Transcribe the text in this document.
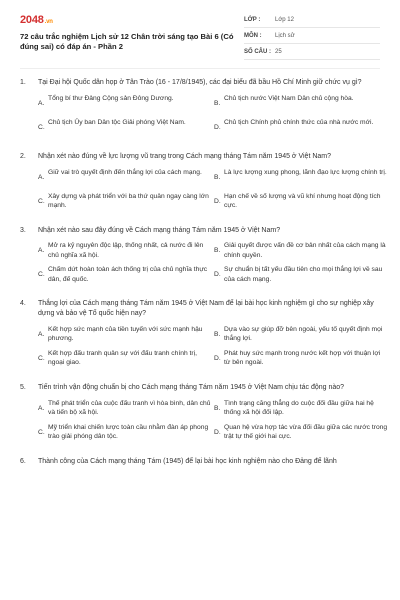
2048.vn
72 câu trắc nghiệm Lịch sử 12 Chân trời sáng tạo Bài 6 (Có đúng sai) có đáp án - Phần 2
LỚP :	Lớp 12
MÔN :	Lịch sử
SỐ CÂU : 25
1.	Tại Đại hội Quốc dân họp ở Tân Trào (16 - 17/8/1945), các đại biểu đã bầu Hồ Chí Minh giữ chức vụ gì?
A.
Tổng bí thư Đảng Cộng sản Đông Dương.
B.
Chủ tịch nước Việt Nam Dân chủ cộng hòa.
C.
Chủ tịch Ủy ban Dân tộc Giải phóng Việt Nam.
D.
Chủ tịch Chính phủ chính thức của nhà nước mới.
2.	Nhận xét nào đúng về lực lượng vũ trang trong Cách mạng tháng Tám năm 1945 ở Việt Nam?
A.
Giữ vai trò quyết định đến thắng lợi của cách mạng.
B.
Là lực lượng xung phong, lãnh đạo lực lượng chính trị.
C.
Xây dựng và phát triển với ba thứ quân ngay càng lớn mạnh.
D.
Hạn chế về số lượng và vũ khí nhưng hoạt động tích cực.
3.	Nhận xét nào sau đây đúng về Cách mạng tháng Tám năm 1945 ở Việt Nam?
A.
Mở ra kỷ nguyên độc lập, thống nhất, cả nước đi lên chủ nghĩa xã hội.
B.
Giải quyết được vấn đề cơ bản nhất của cách mạng là chính quyền.
C.
Chấm dứt hoàn toàn ách thống trị của chủ nghĩa thực dân, đế quốc.
D.
Sự chuẩn bị tất yếu đầu tiên cho mọi thắng lợi về sau của cách mạng.
4.	Thắng lợi của Cách mạng tháng Tám năm 1945 ở Việt Nam để lại bài học kinh nghiệm gì cho sự nghiệp xây dựng và bảo vệ Tổ quốc hiện nay?
A.
Kết hợp sức mạnh của tiền tuyến với sức mạnh hậu phương.
B.
Dựa vào sự giúp đỡ bên ngoài, yếu tố quyết định mọi thắng lợi.
C.
Kết hợp đấu tranh quân sự với đấu tranh chính trị, ngoại giao.
D.
Phát huy sức mạnh trong nước kết hợp với thuận lợi từ bên ngoài.
5.	Tiến trình vận động chuẩn bị cho Cách mạng tháng Tám năm 1945 ở Việt Nam chịu tác động nào?
A.
Thế phát triển của cuộc đấu tranh vì hòa bình, dân chủ và tiến bộ xã hội.
B.
Tình trạng căng thẳng do cuộc đối đầu giữa hai hệ thống xã hội đối lập.
C.
Mỹ triển khai chiến lược toàn cầu nhằm đàn áp phong trào giải phóng dân tộc.
D.
Quan hệ vừa hợp tác vừa đối đầu giữa các nước trong trật tự thế giới hai cực.
6.	Thành công của Cách mạng tháng Tám (1945) để lại bài học kinh nghiệm nào cho Đảng để lãnh
